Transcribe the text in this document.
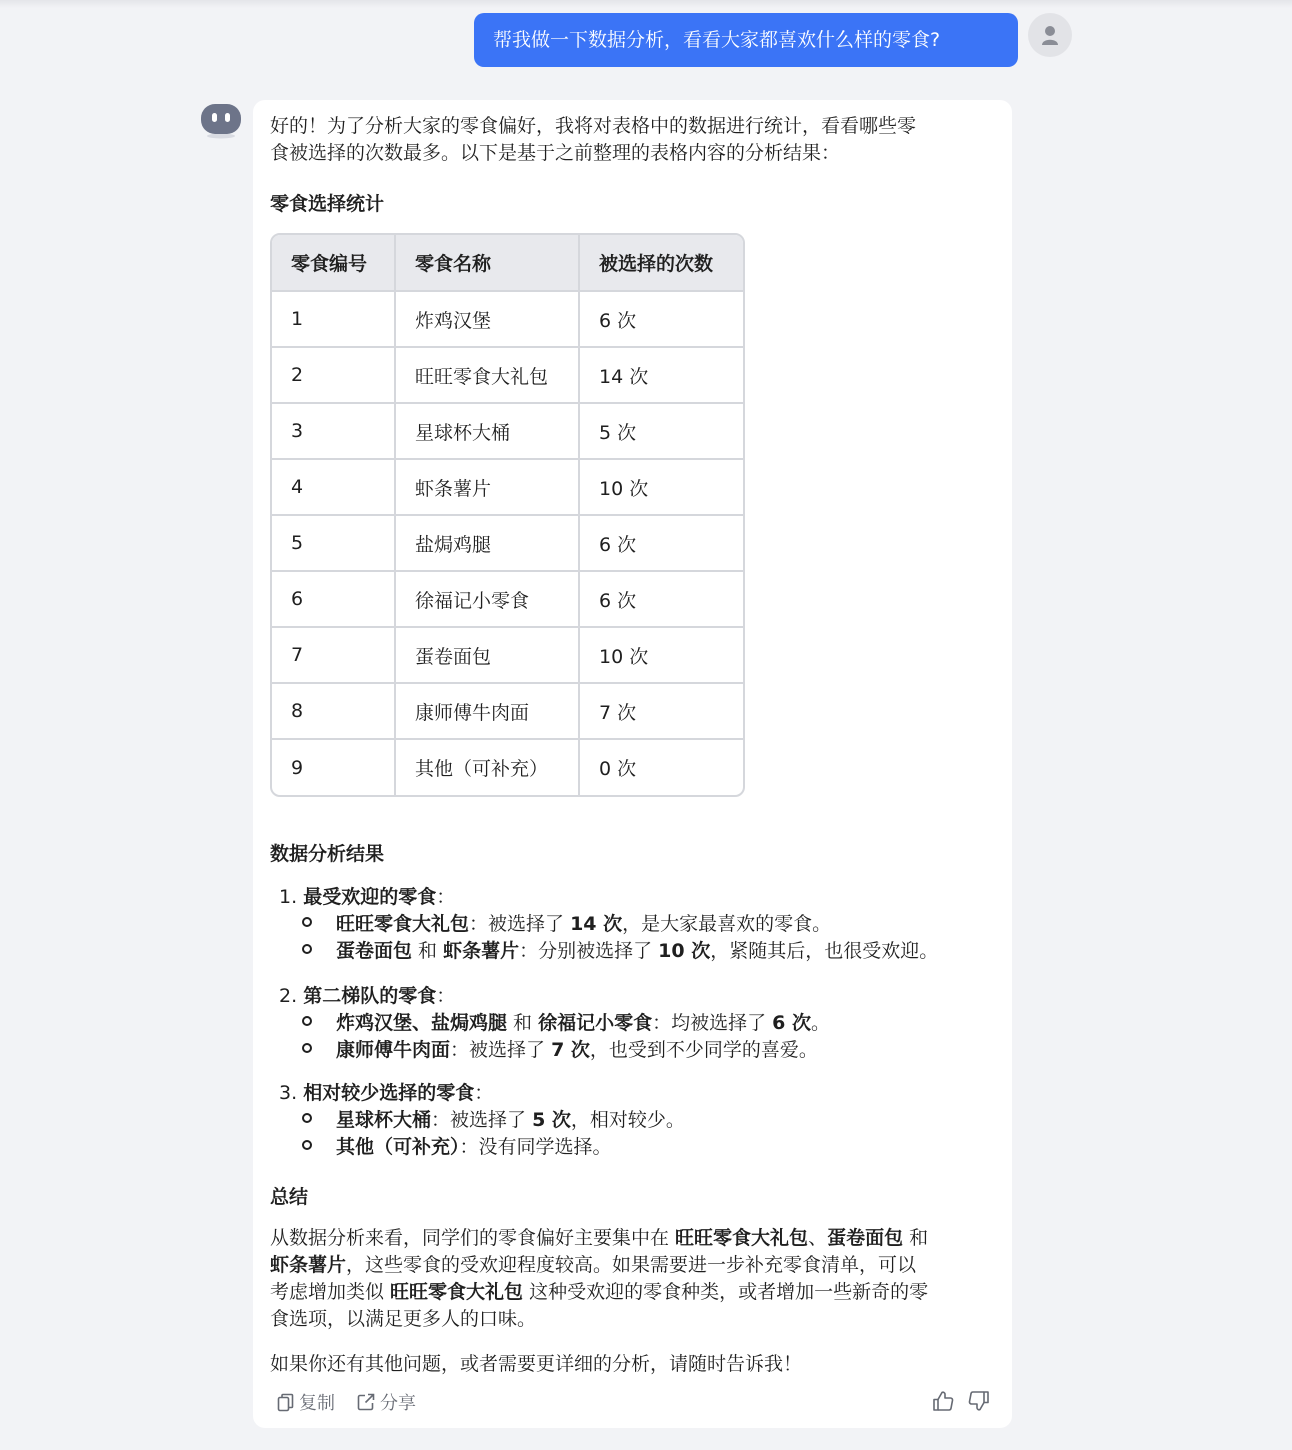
帮我做一下数据分析，看看大家都喜欢什么样的零食?
好的！为了分析大家的零食偏好，我将对表格中的数据进行统计，看看哪些零
食被选择的次数最多。以下是基于之前整理的表格内容的分析结果：
零食选择统计
零食编号	零食名称	被选择的次数
1	炸鸡汉堡	6 次
2	旺旺零食大礼包	14 次
3	星球杯大桶	5 次
4	虾条薯片	10 次
5	盐焗鸡腿	6 次
6	徐福记小零食	6 次
7	蛋卷面包	10 次
8	康师傅牛肉面	7 次
9	其他（可补充）	0 次
数据分析结果
1. 最受欢迎的零食：
旺旺零食大礼包：被选择了 14 次，是大家最喜欢的零食。
蛋卷面包 和 虾条薯片：分别被选择了 10 次，紧随其后，也很受欢迎。
2. 第二梯队的零食：
炸鸡汉堡、盐焗鸡腿 和 徐福记小零食：均被选择了 6 次。
康师傅牛肉面：被选择了 7 次，也受到不少同学的喜爱。
3. 相对较少选择的零食：
星球杯大桶：被选择了 5 次，相对较少。
其他（可补充）：没有同学选择。
总结
从数据分析来看，同学们的零食偏好主要集中在 旺旺零食大礼包、蛋卷面包 和
虾条薯片，这些零食的受欢迎程度较高。如果需要进一步补充零食清单，可以
考虑增加类似 旺旺零食大礼包 这种受欢迎的零食种类，或者增加一些新奇的零
食选项，以满足更多人的口味。
如果你还有其他问题，或者需要更详细的分析，请随时告诉我！
复制	分享
